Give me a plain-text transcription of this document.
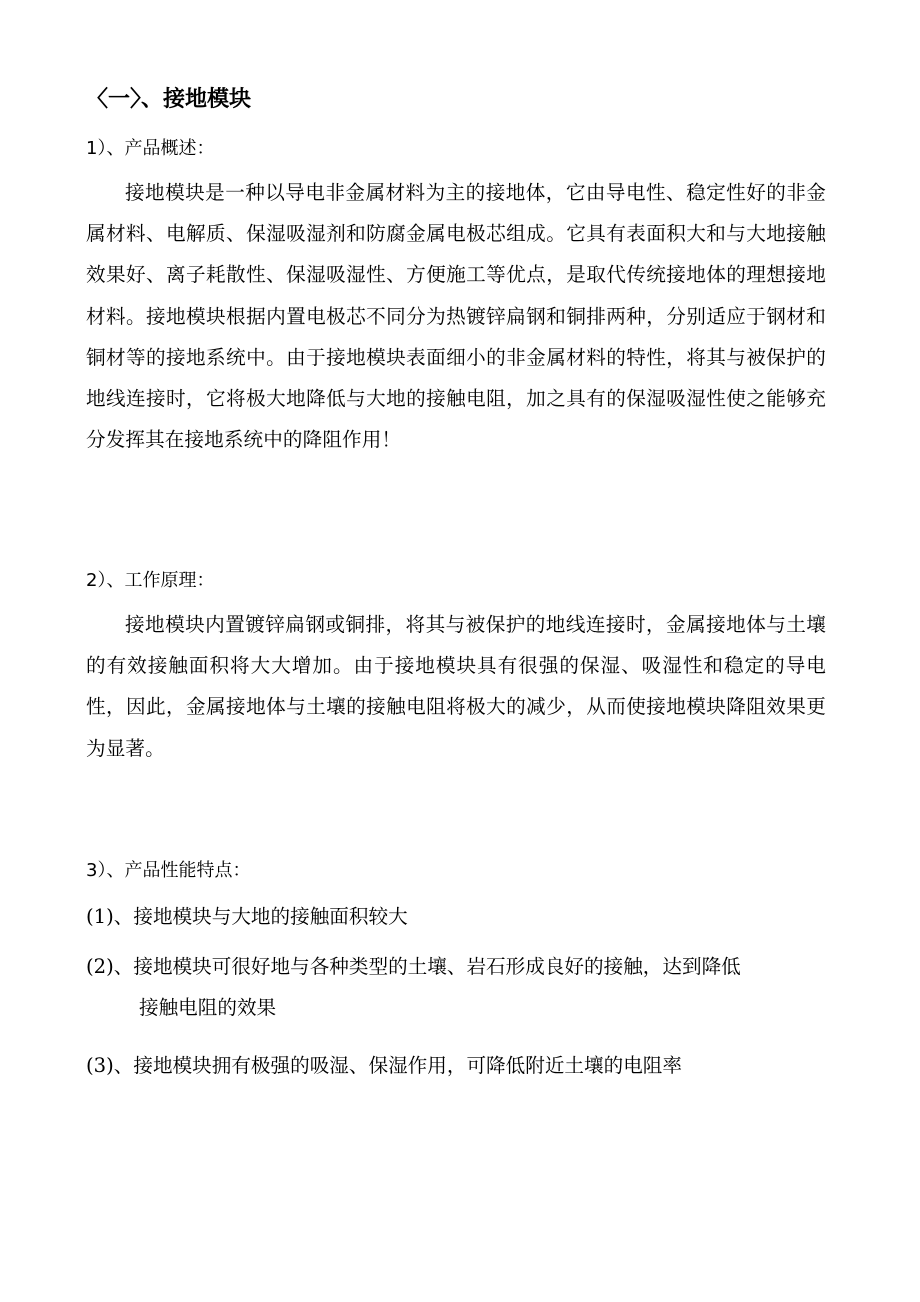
〈一〉、接地模块
1）、产品概述：

接地模块是一种以导电非金属材料为主的接地体，它由导电性、稳定性好的非金属材料、电解质、保湿吸湿剂和防腐金属电极芯组成。它具有表面积大和与大地接触效果好、离子耗散性、保湿吸湿性、方便施工等优点，是取代传统接地体的理想接地材料。接地模块根据内置电极芯不同分为热镀锌扁钢和铜排两种，分别适应于钢材和铜材等的接地系统中。由于接地模块表面细小的非金属材料的特性，将其与被保护的地线连接时，它将极大地降低与大地的接触电阻，加之具有的保湿吸湿性使之能够充分发挥其在接地系统中的降阻作用！

2）、工作原理：

接地模块内置镀锌扁钢或铜排，将其与被保护的地线连接时，金属接地体与土壤的有效接触面积将大大增加。由于接地模块具有很强的保湿、吸湿性和稳定的导电性，因此，金属接地体与土壤的接触电阻将极大的减少，从而使接地模块降阻效果更为显著。

3）、产品性能特点：
(1)、接地模块与大地的接触面积较大
(2)、接地模块可很好地与各种类型的土壤、岩石形成良好的接触，达到降低
接触电阻的效果
(3)、接地模块拥有极强的吸湿、保湿作用，可降低附近土壤的电阻率
